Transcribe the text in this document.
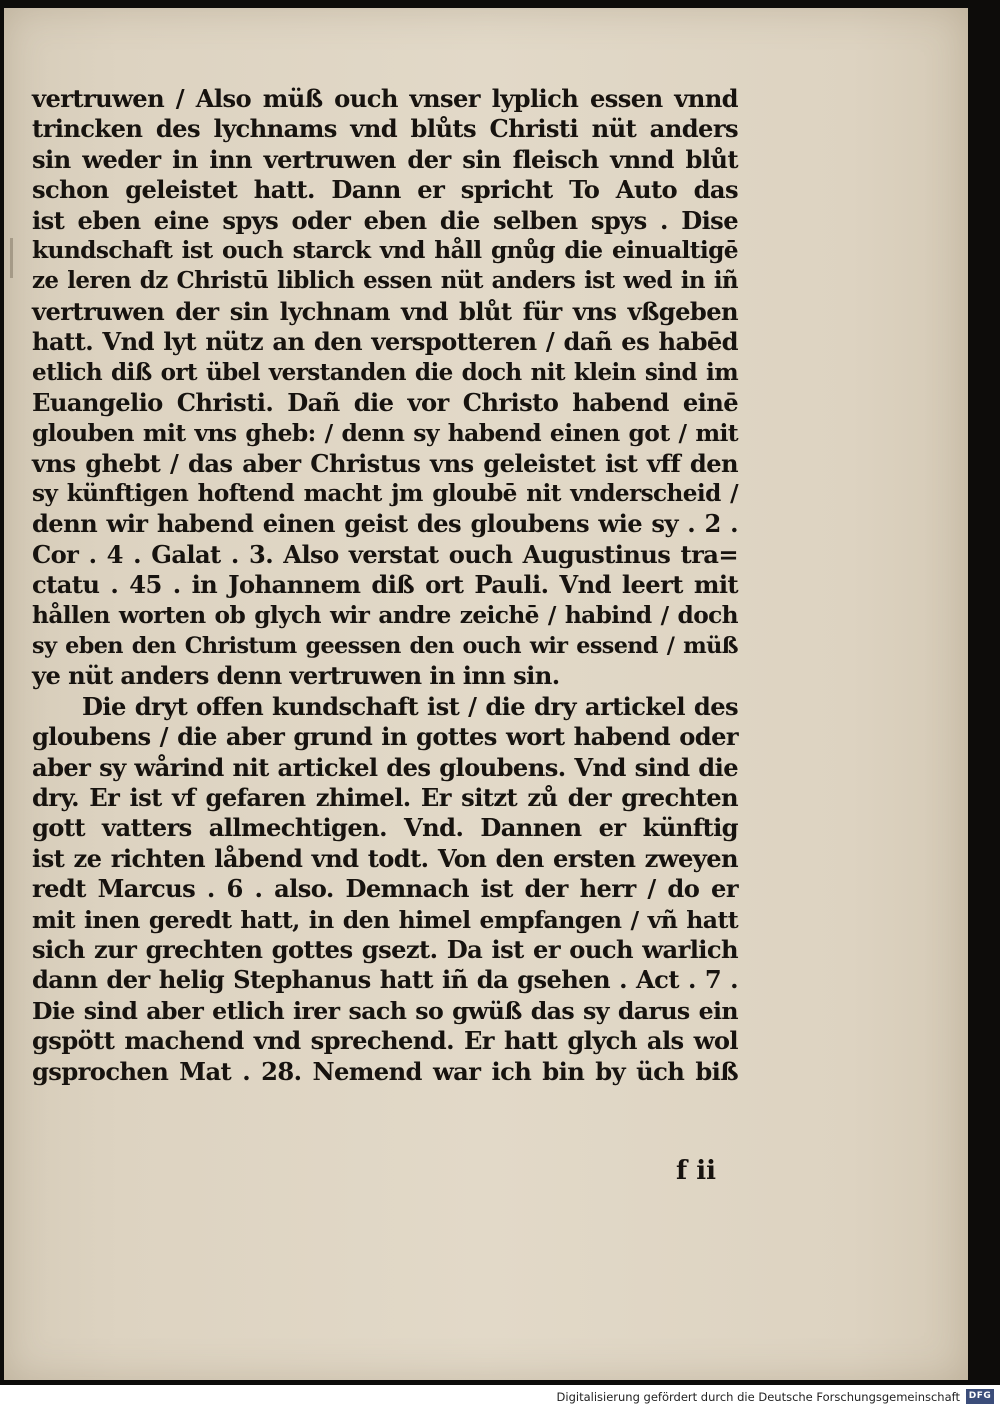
vertruwen / Also müß ouch vnser lyplich essen vnnd
trincken des lychnams vnd blůts Christi nüt anders
sin weder in inn vertruwen der sin fleisch vnnd blůt
schon geleistet hatt. Dann er spricht To Auto das
ist eben eine spys oder eben die selben spys . Dise
kundschaft ist ouch starck vnd håll gnůg die einualtigē
ze leren dz Christū liblich essen nüt anders ist wed in iñ
vertruwen der sin lychnam vnd blůt für vns vßgeben
hatt. Vnd lyt nütz an den verspotteren / dañ es habēd
etlich diß ort übel verstanden die doch nit klein sind im
Euangelio Christi. Dañ die vor Christo habend einē
glouben mit vns gheb: / denn sy habend einen got / mit
vns ghebt / das aber Christus vns geleistet ist vff den
sy künftigen hoftend macht jm gloubē nit vnderscheid /
denn wir habend einen geist des gloubens wie sy . 2 .
Cor . 4 . Galat . 3. Also verstat ouch Augustinus tra=
ctatu . 45 . in Johannem diß ort Pauli. Vnd leert mit
hållen worten ob glych wir andre zeichē / habind / doch
sy eben den Christum geessen den ouch wir essend / müß
ye nüt anders denn vertruwen in inn sin.
Die dryt offen kundschaft ist / die dry artickel des
gloubens / die aber grund in gottes wort habend oder
aber sy wårind nit artickel des gloubens. Vnd sind die
dry. Er ist vf gefaren zhimel. Er sitzt zů der grechten
gott vatters allmechtigen. Vnd. Dannen er künftig
ist ze richten låbend vnd todt. Von den ersten zweyen
redt Marcus . 6 . also. Demnach ist der herr / do er
mit inen geredt hatt, in den himel empfangen / vñ hatt
sich zur grechten gottes gsezt. Da ist er ouch warlich
dann der helig Stephanus hatt iñ da gsehen . Act . 7 .
Die sind aber etlich irer sach so gwüß das sy darus ein
gspött machend vnd sprechend. Er hatt glych als wol
gsprochen Mat . 28. Nemend war ich bin by üch biß
f ii
Digitalisierung gefördert durch die Deutsche Forschungsgemeinschaft DFG
